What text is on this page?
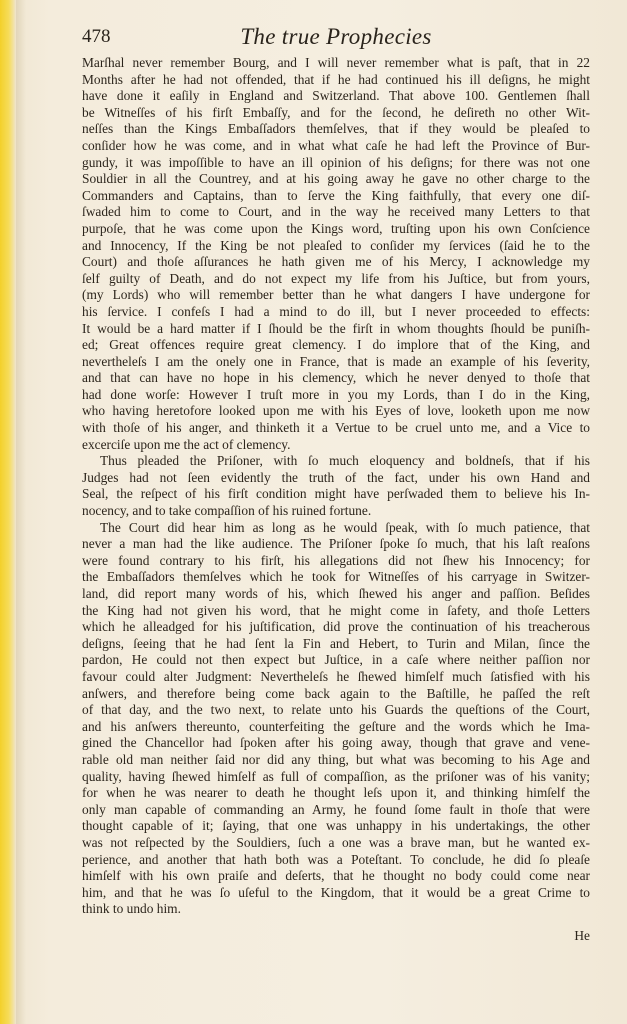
478	The true Prophecies
Marſhal never remember Bourg, and I will never remember what is paſt, that in 22
Months after he had not offended, that if he had continued his ill deſigns, he might
have done it eaſily in England and Switzerland. That above 100. Gentlemen ſhall
be Witneſſes of his firſt Embaſſy, and for the ſecond, he deſireth no other Wit-
neſſes than the Kings Embaſſadors themſelves, that if they would be pleaſed to
conſider how he was come, and in what what caſe he had left the Province of Bur-
gundy, it was impoſſible to have an ill opinion of his deſigns; for there was not one
Souldier in all the Countrey, and at his going away he gave no other charge to the
Commanders and Captains, than to ſerve the King faithfully, that every one diſ-
ſwaded him to come to Court, and in the way he received many Letters to that
purpoſe, that he was come upon the Kings word, truſting upon his own Conſcience
and Innocency, If the King be not pleaſed to conſider my ſervices (ſaid he to the
Court) and thoſe aſſurances he hath given me of his Mercy, I acknowledge my
ſelf guilty of Death, and do not expect my life from his Juſtice, but from yours,
(my Lords) who will remember better than he what dangers I have undergone for
his ſervice. I confeſs I had a mind to do ill, but I never proceeded to effects:
It would be a hard matter if I ſhould be the firſt in whom thoughts ſhould be puniſh-
ed; Great offences require great clemency. I do implore that of the King, and
nevertheleſs I am the onely one in France, that is made an example of his ſeverity,
and that can have no hope in his clemency, which he never denyed to thoſe that
had done worſe: However I truſt more in you my Lords, than I do in the King,
who having heretofore looked upon me with his Eyes of love, looketh upon me now
with thoſe of his anger, and thinketh it a Vertue to be cruel unto me, and a Vice to
excerciſe upon me the act of clemency.
Thus pleaded the Priſoner, with ſo much eloquency and boldneſs, that if his
Judges had not ſeen evidently the truth of the fact, under his own Hand and
Seal, the reſpect of his firſt condition might have perſwaded them to believe his In-
nocency, and to take compaſſion of his ruined fortune.
The Court did hear him as long as he would ſpeak, with ſo much patience, that
never a man had the like audience. The Priſoner ſpoke ſo much, that his laſt reaſons
were found contrary to his firſt, his allegations did not ſhew his Innocency; for
the Embaſſadors themſelves which he took for Witneſſes of his carryage in Switzer-
land, did report many words of his, which ſhewed his anger and paſſion. Beſides
the King had not given his word, that he might come in ſafety, and thoſe Letters
which he alleadged for his juſtification, did prove the continuation of his treacherous
deſigns, ſeeing that he had ſent la Fin and Hebert, to Turin and Milan, ſince the
pardon, He could not then expect but Juſtice, in a caſe where neither paſſion nor
favour could alter Judgment: Nevertheleſs he ſhewed himſelf much ſatisfied with his
anſwers, and therefore being come back again to the Baſtille, he paſſed the reſt
of that day, and the two next, to relate unto his Guards the queſtions of the Court,
and his anſwers thereunto, counterfeiting the geſture and the words which he Ima-
gined the Chancellor had ſpoken after his going away, though that grave and vene-
rable old man neither ſaid nor did any thing, but what was becoming to his Age and
quality, having ſhewed himſelf as full of compaſſion, as the priſoner was of his vanity;
for when he was nearer to death he thought leſs upon it, and thinking himſelf the
only man capable of commanding an Army, he found ſome fault in thoſe that were
thought capable of it; ſaying, that one was unhappy in his undertakings, the other
was not reſpected by the Souldiers, ſuch a one was a brave man, but he wanted ex-
perience, and another that hath both was a Poteſtant. To conclude, he did ſo pleaſe
himſelf with his own praiſe and deſerts, that he thought no body could come near
him, and that he was ſo uſeful to the Kingdom, that it would be a great Crime to
think to undo him.
He
